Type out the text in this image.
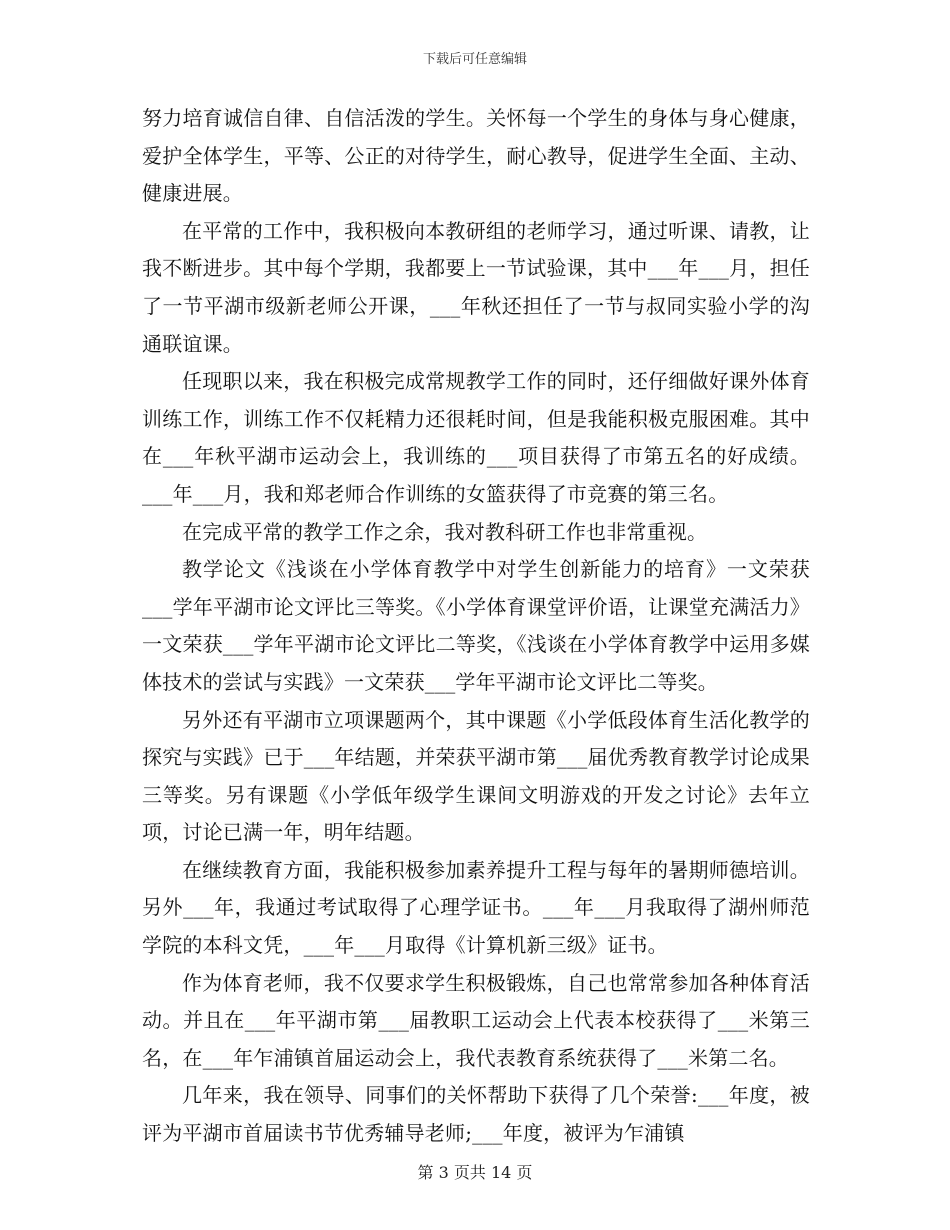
下载后可任意编辑

努力培育诚信自律、自信活泼的学生。关怀每一个学生的身体与身心健康，爱护全体学生，平等、公正的对待学生，耐心教导，促进学生全面、主动、健康进展。

在平常的工作中，我积极向本教研组的老师学习，通过听课、请教，让我不断进步。其中每个学期，我都要上一节试验课，其中___年___月，担任了一节平湖市级新老师公开课，___年秋还担任了一节与叔同实验小学的沟通联谊课。

任现职以来，我在积极完成常规教学工作的同时，还仔细做好课外体育训练工作，训练工作不仅耗精力还很耗时间，但是我能积极克服困难。其中在___年秋平湖市运动会上，我训练的___项目获得了市第五名的好成绩。___年___月，我和郑老师合作训练的女篮获得了市竞赛的第三名。

在完成平常的教学工作之余，我对教科研工作也非常重视。

教学论文《浅谈在小学体育教学中对学生创新能力的培育》一文荣获___学年平湖市论文评比三等奖。《小学体育课堂评价语，让课堂充满活力》一文荣获___学年平湖市论文评比二等奖，《浅谈在小学体育教学中运用多媒体技术的尝试与实践》一文荣获___学年平湖市论文评比二等奖。

另外还有平湖市立项课题两个，其中课题《小学低段体育生活化教学的探究与实践》已于___年结题，并荣获平湖市第___届优秀教育教学讨论成果三等奖。另有课题《小学低年级学生课间文明游戏的开发之讨论》去年立项，讨论已满一年，明年结题。

在继续教育方面，我能积极参加素养提升工程与每年的暑期师德培训。另外___年，我通过考试取得了心理学证书。___年___月我取得了湖州师范学院的本科文凭，___年___月取得《计算机新三级》证书。

作为体育老师，我不仅要求学生积极锻炼，自己也常常参加各种体育活动。并且在___年平湖市第___届教职工运动会上代表本校获得了___米第三名，在___年乍浦镇首届运动会上，我代表教育系统获得了___米第二名。

几年来，我在领导、同事们的关怀帮助下获得了几个荣誉:___年度，被评为平湖市首届读书节优秀辅导老师;___年度，被评为乍浦镇

第 3 页共 14 页
